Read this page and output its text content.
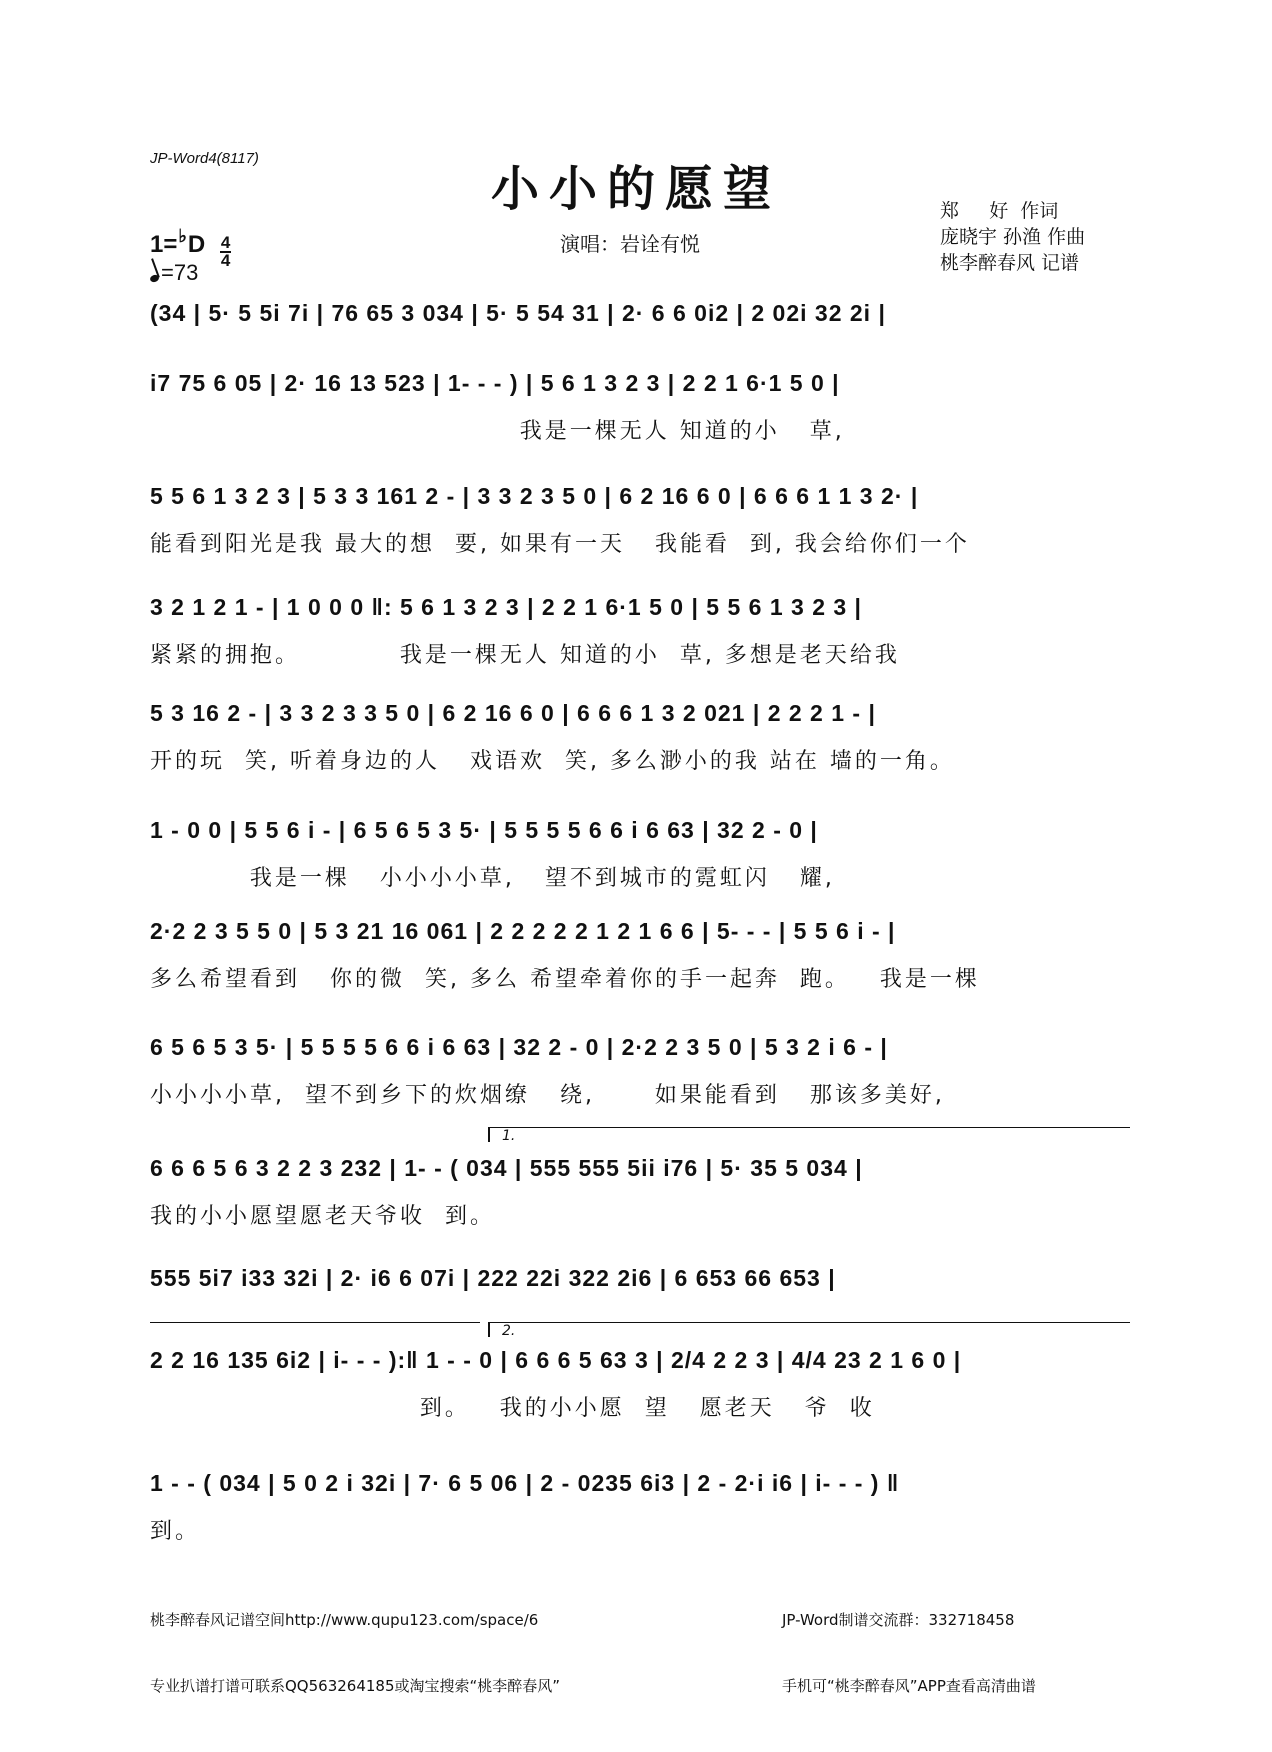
JP-Word4(8117)
小小的愿望
$1=^♭D \frac{4}{4}$
=73
演唱：岩诠有悦
郑     好  作词
庞晓宇 孙渔 作曲
桃李醉春风 记谱
(34 | 5· 5 5i 7i | 76 65 3 034 | 5· 5 54 31 | 2· 6 6 0i2 | 2 02i 32 2i |
i7 75 6 05 | 2· 16 13 523 | 1- - - ) | 5 6 1 3 2 3 | 2 2 1 6·1 5 0 |
我是一棵无人 知道的小   草,
5 5 6 1 3 2 3 | 5 3 3 161 2 - | 3 3 2 3 5 0 | 6 2 16 6 0 | 6 6 6 1 1 3 2· |
能看到阳光是我 最大的想  要, 如果有一天   我能看  到, 我会给你们一个
3 2 1 2 1 - | 1 0 0 0 ‖: 5 6 1 3 2 3 | 2 2 1 6·1 5 0 | 5 5 6 1 3 2 3 |
紧紧的拥抱。          我是一棵无人 知道的小  草, 多想是老天给我
5 3 16 2 - | 3 3 2 3 3 5 0 | 6 2 16 6 0 | 6 6 6 1 3 2 021 | 2 2 2 1 - |
开的玩  笑, 听着身边的人   戏语欢  笑, 多么渺小的我 站在 墙的一角。
1 - 0 0 | 5 5 6 i - | 6 5 6 5 3 5· | 5 5 5 5 6 6 i 6 63 | 32 2 - 0 |
我是一棵   小小小小草,   望不到城市的霓虹闪   耀,
2·2 2 3 5 5 0 | 5 3 21 16 061 | 2 2 2 2 2 1 2 1 6 6 | 5- - - | 5 5 6 i - |
多么希望看到   你的微  笑, 多么 希望牵着你的手一起奔  跑。   我是一棵
6 5 6 5 3 5· | 5 5 5 5 6 6 i 6 63 | 32 2 - 0 | 2·2 2 3 5 0 | 5 3 2 i 6 - |
小小小小草,  望不到乡下的炊烟缭   绕,      如果能看到   那该多美好,
1.
6 6 6 5 6 3 2 2 3 232 | 1- - ( 034 | 555 555 5ii i76 | 5· 35 5 034 |
我的小小愿望愿老天爷收  到。
555 5i7 i33 32i | 2· i6 6 07i | 222 22i 322 2i6 | 6 653 66 653 |
2.
2 2 16 135 6i2 | i- - - ):‖ 1 - - 0 | 6 6 6 5 63 3 | 2/4 2 2 3 | 4/4 23 2 1 6 0 |
到。   我的小小愿  望   愿老天   爷  收
1 - - ( 034 | 5 0 2 i 32i | 7· 6 5 06 | 2 - 0235 6i3 | 2 - 2·i i6 | i- - - ) ‖
到。

桃李醉春风记谱空间http://www.qupu123.com/space/6

专业扒谱打谱可联系QQ563264185或淘宝搜索“桃李醉春风”

JP-Word制谱交流群：332718458

手机可“桃李醉春风”APP查看高清曲谱
